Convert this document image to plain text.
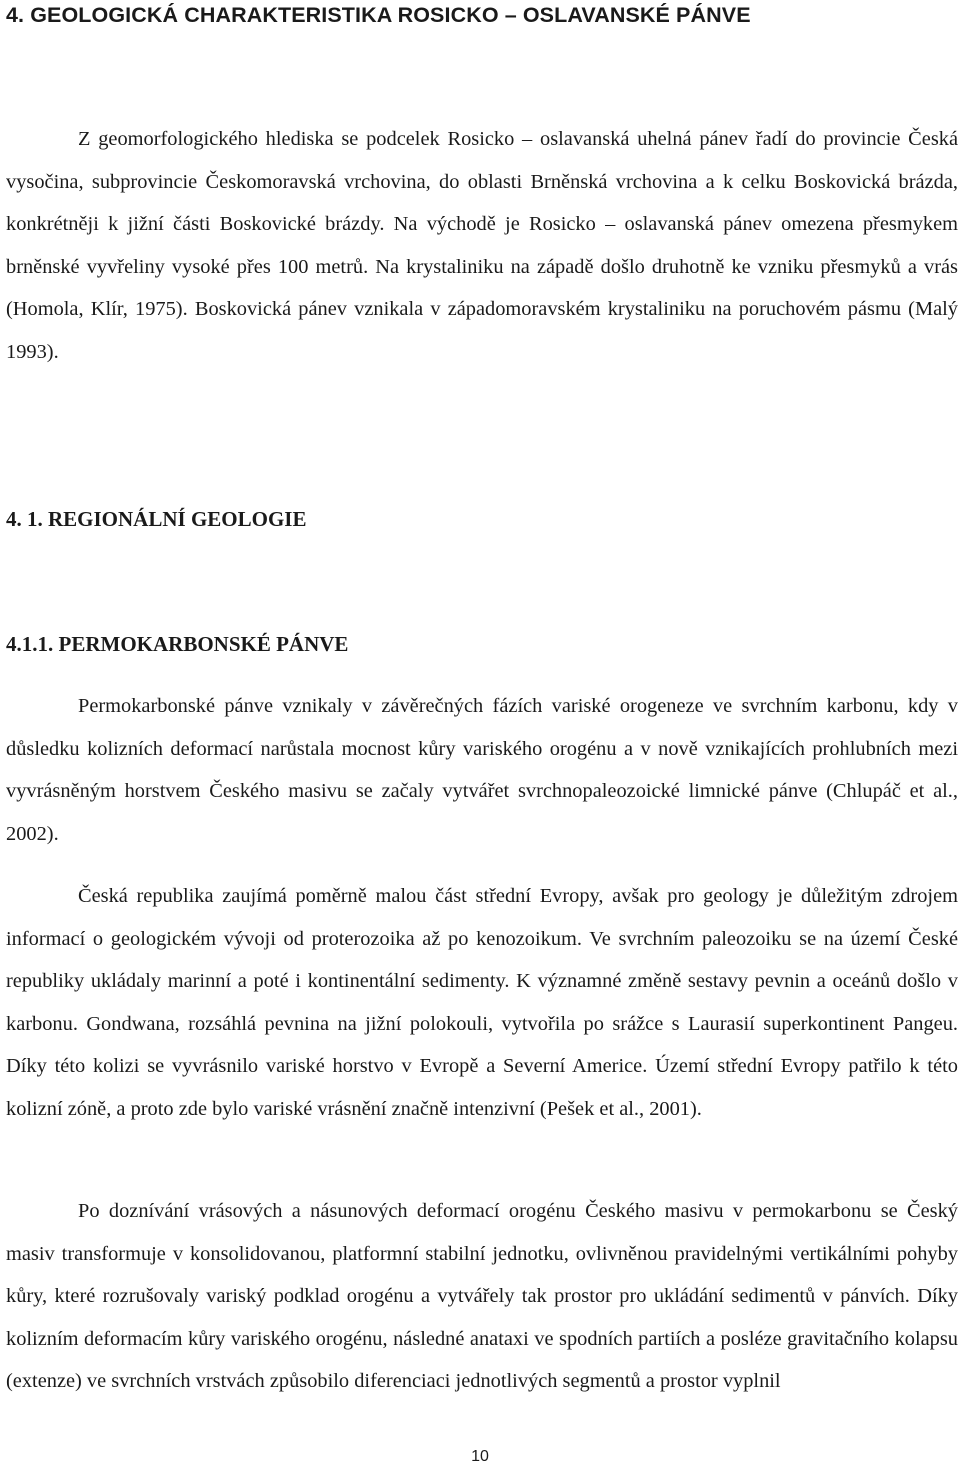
4. GEOLOGICKÁ CHARAKTERISTIKA ROSICKO – OSLAVANSKÉ PÁNVE

Z geomorfologického hlediska se podcelek Rosicko – oslavanská uhelná pánev řadí do provincie Česká vysočina, subprovincie Českomoravská vrchovina, do oblasti Brněnská vrchovina a k celku Boskovická brázda, konkrétněji k jižní části Boskovické brázdy. Na východě je Rosicko – oslavanská pánev omezena přesmykem brněnské vyvřeliny vysoké přes 100 metrů. Na krystaliniku na západě došlo druhotně ke vzniku přesmyků a vrás (Homola, Klír, 1975). Boskovická pánev vznikala v západomoravském krystaliniku na poruchovém pásmu (Malý 1993).

4. 1. REGIONÁLNÍ GEOLOGIE
4.1.1. PERMOKARBONSKÉ PÁNVE

Permokarbonské pánve vznikaly v závěrečných fázích variské orogeneze ve svrchním karbonu, kdy v důsledku kolizních deformací narůstala mocnost kůry variského orogénu a v nově vznikajících prohlubních mezi vyvrásněným horstvem Českého masivu se začaly vytvářet svrchnopaleozoické limnické pánve (Chlupáč et al., 2002).

Česká republika zaujímá poměrně malou část střední Evropy, avšak pro geology je důležitým zdrojem informací o geologickém vývoji od proterozoika až po kenozoikum. Ve svrchním paleozoiku se na území České republiky ukládaly marinní a poté i kontinentální sedimenty. K významné změně sestavy pevnin a oceánů došlo v karbonu. Gondwana, rozsáhlá pevnina na jižní polokouli, vytvořila po srážce s Laurasií superkontinent Pangeu. Díky této kolizi se vyvrásnilo variské horstvo v Evropě a Severní Americe. Území střední Evropy patřilo k této kolizní zóně, a proto zde bylo variské vrásnění značně intenzivní (Pešek et al., 2001).

Po doznívání vrásových a násunových deformací orogénu Českého masivu v permokarbonu se Český masiv transformuje v konsolidovanou, platformní stabilní jednotku, ovlivněnou pravidelnými vertikálními pohyby kůry, které rozrušovaly variský podklad orogénu a vytvářely tak prostor pro ukládání sedimentů v pánvích. Díky kolizním deformacím kůry variského orogénu, následné anataxi ve spodních partiích a posléze gravitačního kolapsu (extenze) ve svrchních vrstvách způsobilo diferenciaci jednotlivých segmentů a prostor vyplnil

10
